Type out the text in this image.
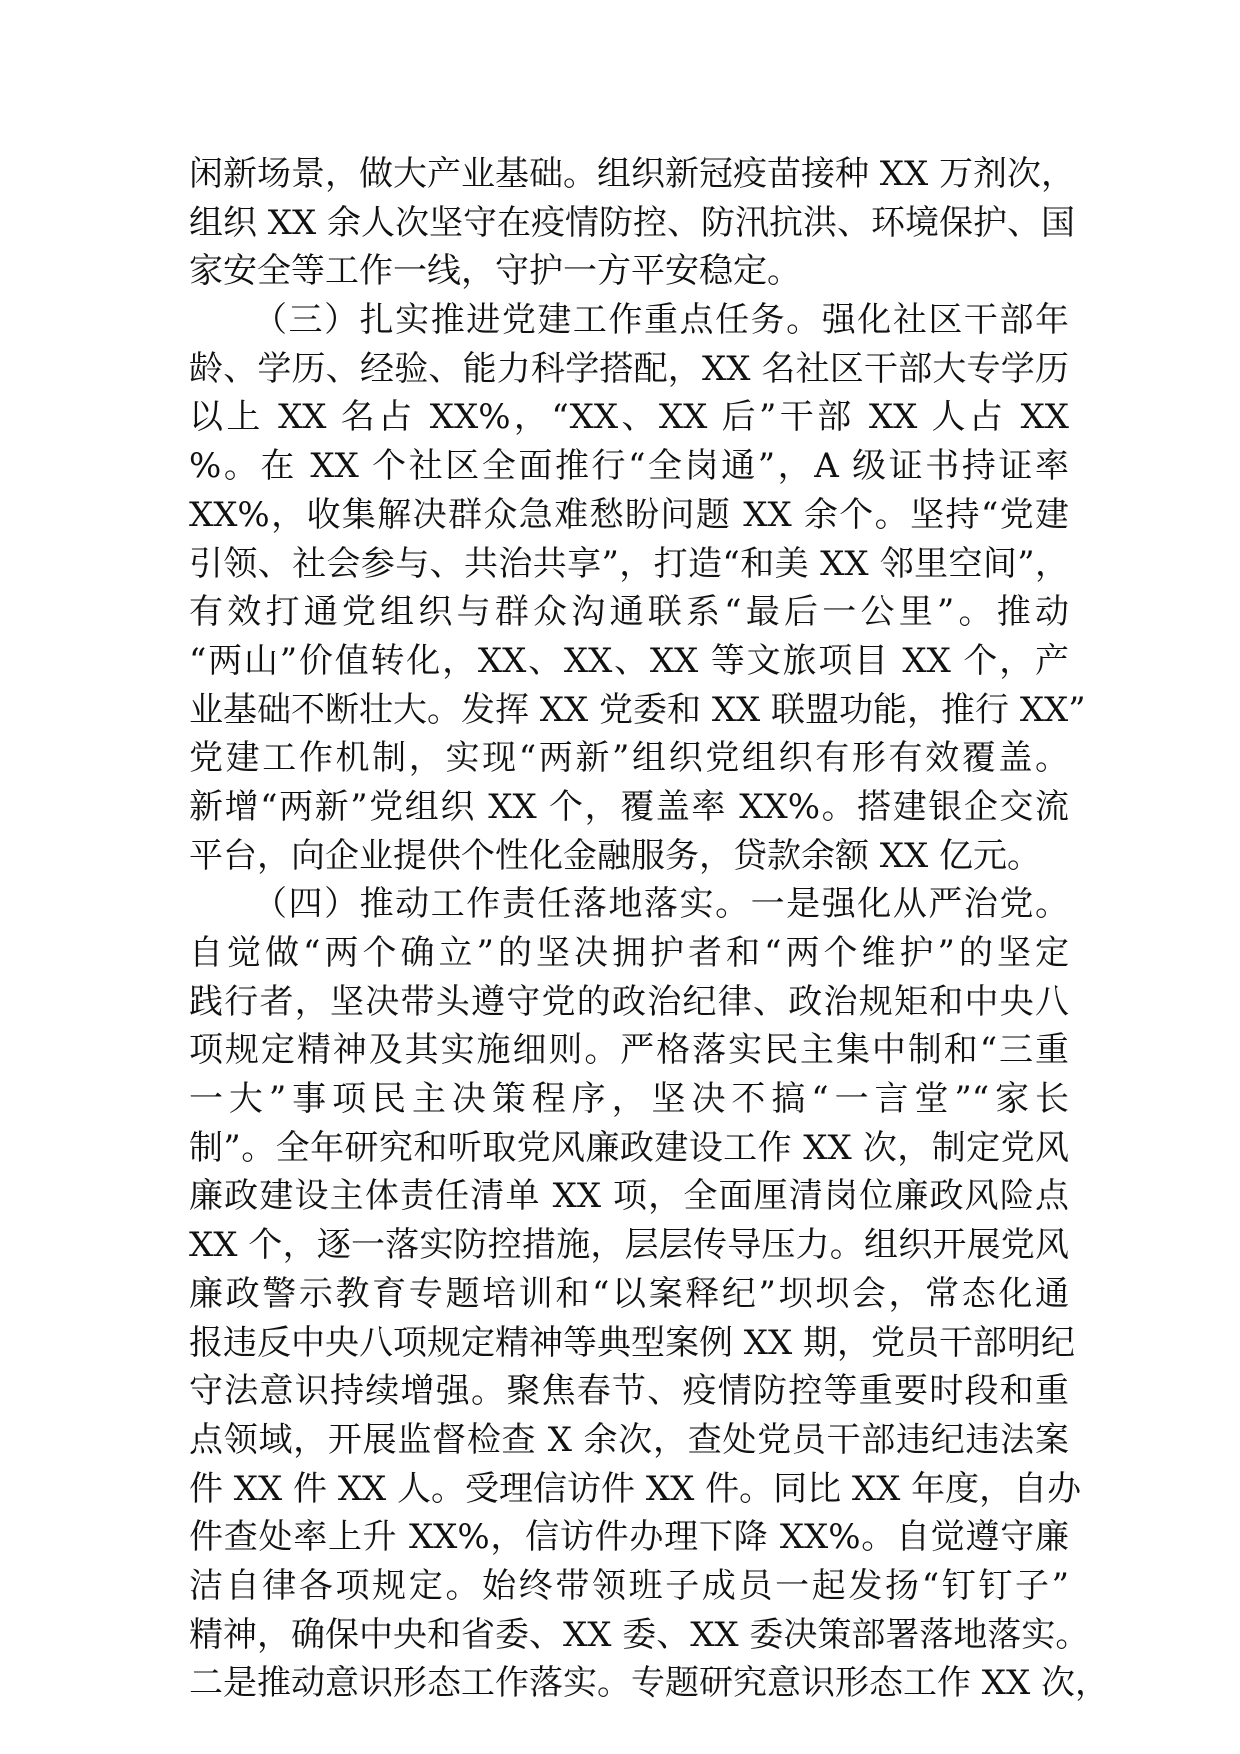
闲新场景，做大产业基础。组织新冠疫苗接种 XX 万剂次，
组织 XX 余人次坚守在疫情防控、防汛抗洪、环境保护、国
家安全等工作一线，守护一方平安稳定。
（三）扎实推进党建工作重点任务。强化社区干部年
龄、学历、经验、能力科学搭配，XX 名社区干部大专学历
以上 XX 名占 XX%，“XX、XX 后”干部 XX 人占 XX
%。在 XX 个社区全面推行“全岗通”，A 级证书持证率
XX%，收集解决群众急难愁盼问题 XX 余个。坚持“党建
引领、社会参与、共治共享”，打造“和美 XX 邻里空间”，
有效打通党组织与群众沟通联系“最后一公里”。推动
“两山”价值转化，XX、XX、XX 等文旅项目 XX 个，产
业基础不断壮大。发挥 XX 党委和 XX 联盟功能，推行 XX”
党建工作机制，实现“两新”组织党组织有形有效覆盖。
新增“两新”党组织 XX 个，覆盖率 XX%。搭建银企交流
平台，向企业提供个性化金融服务，贷款余额 XX 亿元。
（四）推动工作责任落地落实。一是强化从严治党。
自觉做“两个确立”的坚决拥护者和“两个维护”的坚定
践行者，坚决带头遵守党的政治纪律、政治规矩和中央八
项规定精神及其实施细则。严格落实民主集中制和“三重
一大”事项民主决策程序，坚决不搞“一言堂”“家长
制”。全年研究和听取党风廉政建设工作 XX 次，制定党风
廉政建设主体责任清单 XX 项，全面厘清岗位廉政风险点
XX 个，逐一落实防控措施，层层传导压力。组织开展党风
廉政警示教育专题培训和“以案释纪”坝坝会，常态化通
报违反中央八项规定精神等典型案例 XX 期，党员干部明纪
守法意识持续增强。聚焦春节、疫情防控等重要时段和重
点领域，开展监督检查 X 余次，查处党员干部违纪违法案
件 XX 件 XX 人。受理信访件 XX 件。同比 XX 年度，自办
件查处率上升 XX%，信访件办理下降 XX%。自觉遵守廉
洁自律各项规定。始终带领班子成员一起发扬“钉钉子”
精神，确保中央和省委、XX 委、XX 委决策部署落地落实。
二是推动意识形态工作落实。专题研究意识形态工作 XX 次，
